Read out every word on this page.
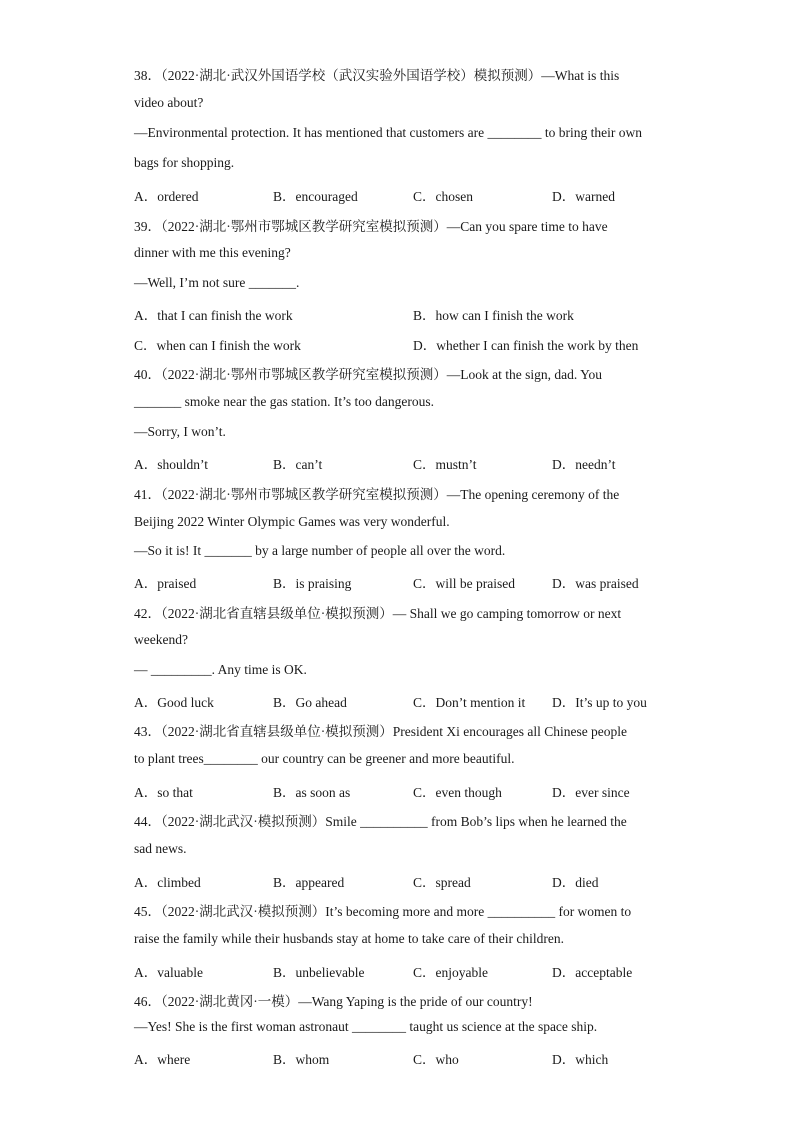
38．（2022·湖北·武汉外国语学校（武汉实验外国语学校）模拟预测）—What is this
video about?
—Environmental protection. It has mentioned that customers are ________ to bring their own
bags for shopping.
A．ordered	B．encouraged	C．chosen	D．warned
39．（2022·湖北·鄂州市鄂城区教学研究室模拟预测）—Can you spare time to have
dinner with me this evening?
—Well, I’m not sure _______.
A．that I can finish the work	B．how can I finish the work
C．when can I finish the work	D．whether I can finish the work by then
40．（2022·湖北·鄂州市鄂城区教学研究室模拟预测）—Look at the sign, dad. You
_______ smoke near the gas station. It’s too dangerous.
—Sorry, I won’t.
A．shouldn’t	B．can’t	C．mustn’t	D．needn’t
41．（2022·湖北·鄂州市鄂城区教学研究室模拟预测）—The opening ceremony of the
Beijing 2022 Winter Olympic Games was very wonderful.
—So it is! It _______ by a large number of people all over the word.
A．praised	B．is praising	C．will be praised	D．was praised
42．（2022·湖北省直辖县级单位·模拟预测）— Shall we go camping tomorrow or next
weekend?
— _________. Any time is OK.
A．Good luck	B．Go ahead	C．Don’t mention it D．It’s up to you
43．（2022·湖北省直辖县级单位·模拟预测）President Xi encourages all Chinese people
to plant trees________ our country can be greener and more beautiful.
A．so that	B．as soon as	C．even though	D．ever since
44．（2022·湖北武汉·模拟预测）Smile __________ from Bob’s lips when he learned the
sad news.
A．climbed	B．appeared	C．spread	D．died
45．（2022·湖北武汉·模拟预测）It’s becoming more and more __________ for women to
raise the family while their husbands stay at home to take care of their children.
A．valuable	B．unbelievable	C．enjoyable	D．acceptable
46．（2022·湖北黄冈·一模）—Wang Yaping is the pride of our country!
—Yes! She is the first woman astronaut ________ taught us science at the space ship.
A．where	B．whom	C．who	D．which
